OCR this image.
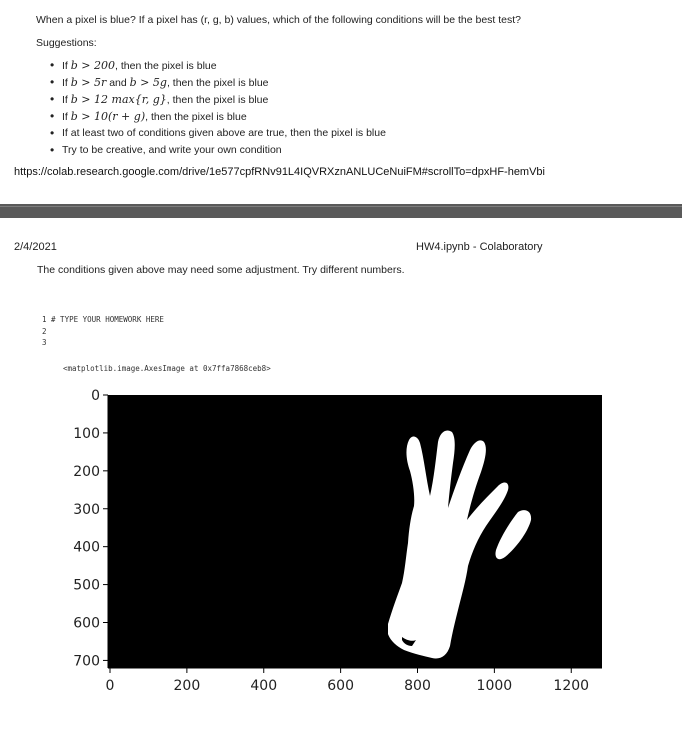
When a pixel is blue? If a pixel has (r, g, b) values, which of the following conditions will be the best test?
Suggestions:
• If b > 200, then the pixel is blue
• If b > 5r and b > 5g, then the pixel is blue
• If b > 12 max{r, g}, then the pixel is blue
• If b > 10(r + g), then the pixel is blue
• If at least two of conditions given above are true, then the pixel is blue
• Try to be creative, and write your own condition
https://colab.research.google.com/drive/1e577cpfRNv91L4IQVRXznANLUCeNuiFM#scrollTo=dpxHF-hemVbi
2/4/2021	HW4.ipynb - Colaboratory
The conditions given above may need some adjustment. Try different numbers.
1 # TYPE YOUR HOMEWORK HERE
2
3
<matplotlib.image.AxesImage at 0x7ffa7868ceb8>
0
100
200
300
400
500
600
700
0	200	400	600	800	1000	1200
